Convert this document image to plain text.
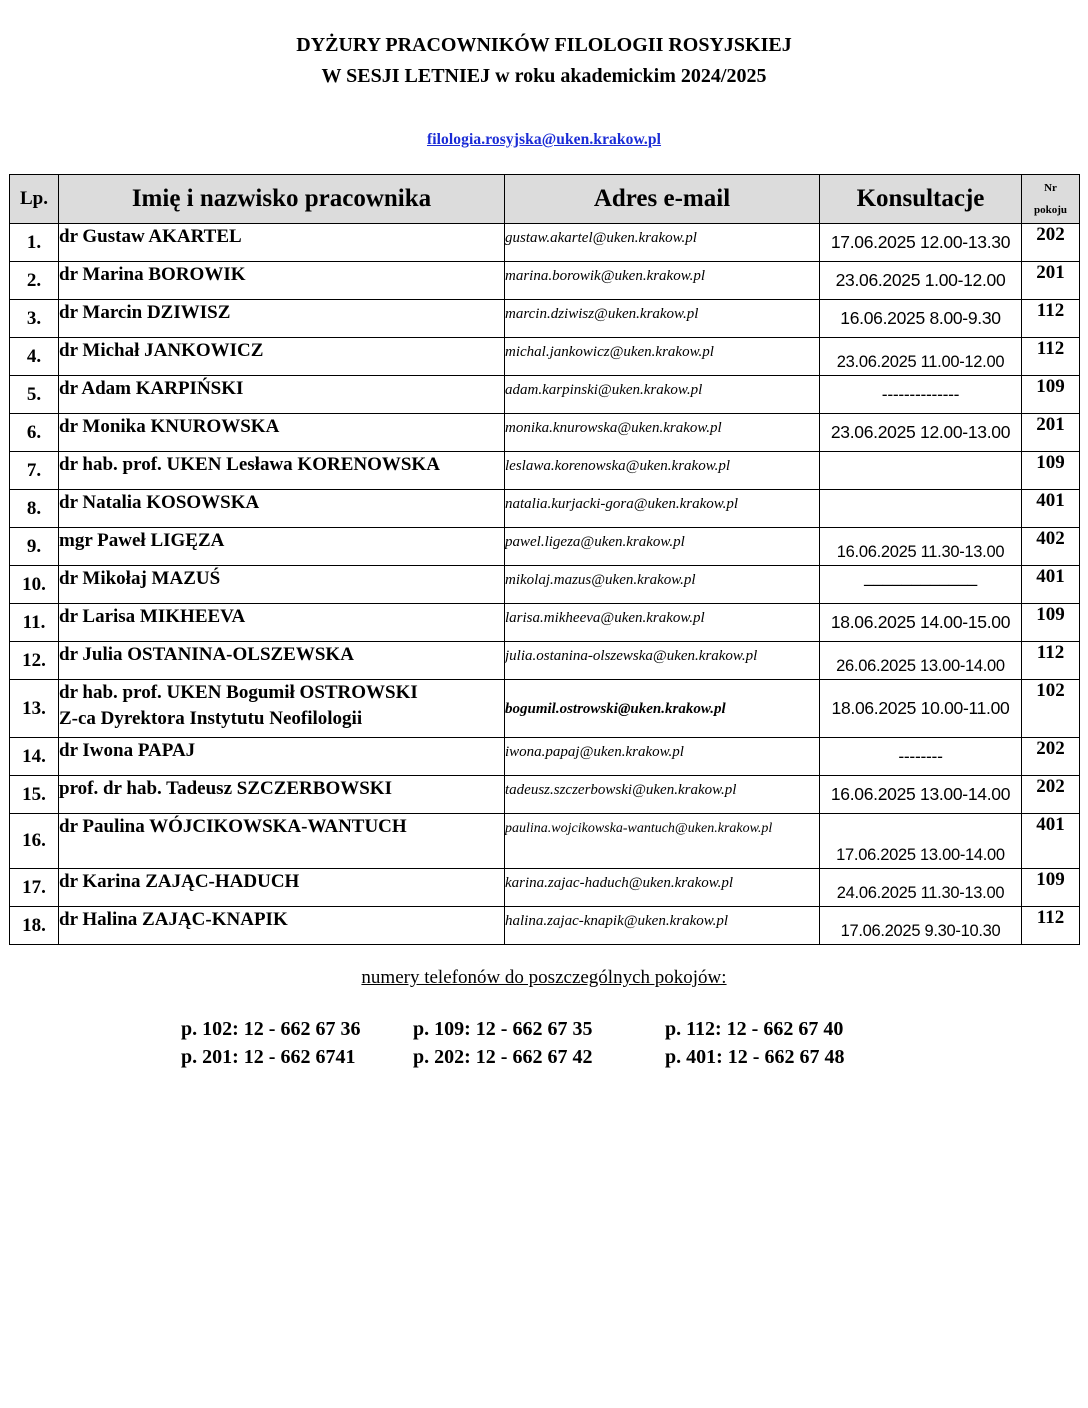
DYŻURY PRACOWNIKÓW FILOLOGII ROSYJSKIEJ
W SESJI LETNIEJ w roku akademickim 2024/2025
filologia.rosyjska@uken.krakow.pl
Lp.	Imię i nazwisko pracownika	Adres e-mail	Konsultacje	Nr
pokoju

1.	dr Gustaw AKARTEL	gustaw.akartel@uken.krakow.pl	17.06.2025 12.00-13.30	202
2.	dr Marina BOROWIK	marina.borowik@uken.krakow.pl	23.06.2025 1.00-12.00	201
3.	dr Marcin DZIWISZ	marcin.dziwisz@uken.krakow.pl	16.06.2025 8.00-9.30	112
4.	dr Michał JANKOWICZ	michal.jankowicz@uken.krakow.pl	23.06.2025 11.00-12.00	112
5.	dr Adam KARPIŃSKI	adam.karpinski@uken.krakow.pl	--------------	109
6.	dr Monika KNUROWSKA	monika.knurowska@uken.krakow.pl	23.06.2025 12.00-13.00	201
7.	dr hab. prof. UKEN Lesława KORENOWSKA	leslawa.korenowska@uken.krakow.pl		109
8.	dr Natalia KOSOWSKA	natalia.kurjacki-gora@uken.krakow.pl		401
9.	mgr Paweł LIGĘZA	pawel.ligeza@uken.krakow.pl	16.06.2025 11.30-13.00	402
10.	dr Mikołaj MAZUŚ	mikolaj.mazus@uken.krakow.pl	––––––––––––	401
11.	dr Larisa MIKHEEVA	larisa.mikheeva@uken.krakow.pl	18.06.2025 14.00-15.00	109
12.	dr Julia OSTANINA-OLSZEWSKA	julia.ostanina-olszewska@uken.krakow.pl	26.06.2025 13.00-14.00	112
13.	dr hab. prof. UKEN Bogumił OSTROWSKI
Z-ca Dyrektora Instytutu Neofilologii	bogumil.ostrowski@uken.krakow.pl	18.06.2025 10.00-11.00	102
14.	dr Iwona PAPAJ	iwona.papaj@uken.krakow.pl	--------	202
15.	prof. dr hab. Tadeusz SZCZERBOWSKI	tadeusz.szczerbowski@uken.krakow.pl	16.06.2025 13.00-14.00	202
16.	dr Paulina WÓJCIKOWSKA-WANTUCH	paulina.wojcikowska-wantuch@uken.krakow.pl	17.06.2025 13.00-14.00	401
17.	dr Karina ZAJĄC-HADUCH	karina.zajac-haduch@uken.krakow.pl	24.06.2025 11.30-13.00	109
18.	dr Halina ZAJĄC-KNAPIK	halina.zajac-knapik@uken.krakow.pl	17.06.2025 9.30-10.30	112
numery telefonów do poszczególnych pokojów:
p. 102: 12 - 662 67 36
p. 201: 12 - 662 6741
p. 109: 12 - 662 67 35
p. 202: 12 - 662 67 42
p. 112: 12 - 662 67 40
p. 401: 12 - 662 67 48
